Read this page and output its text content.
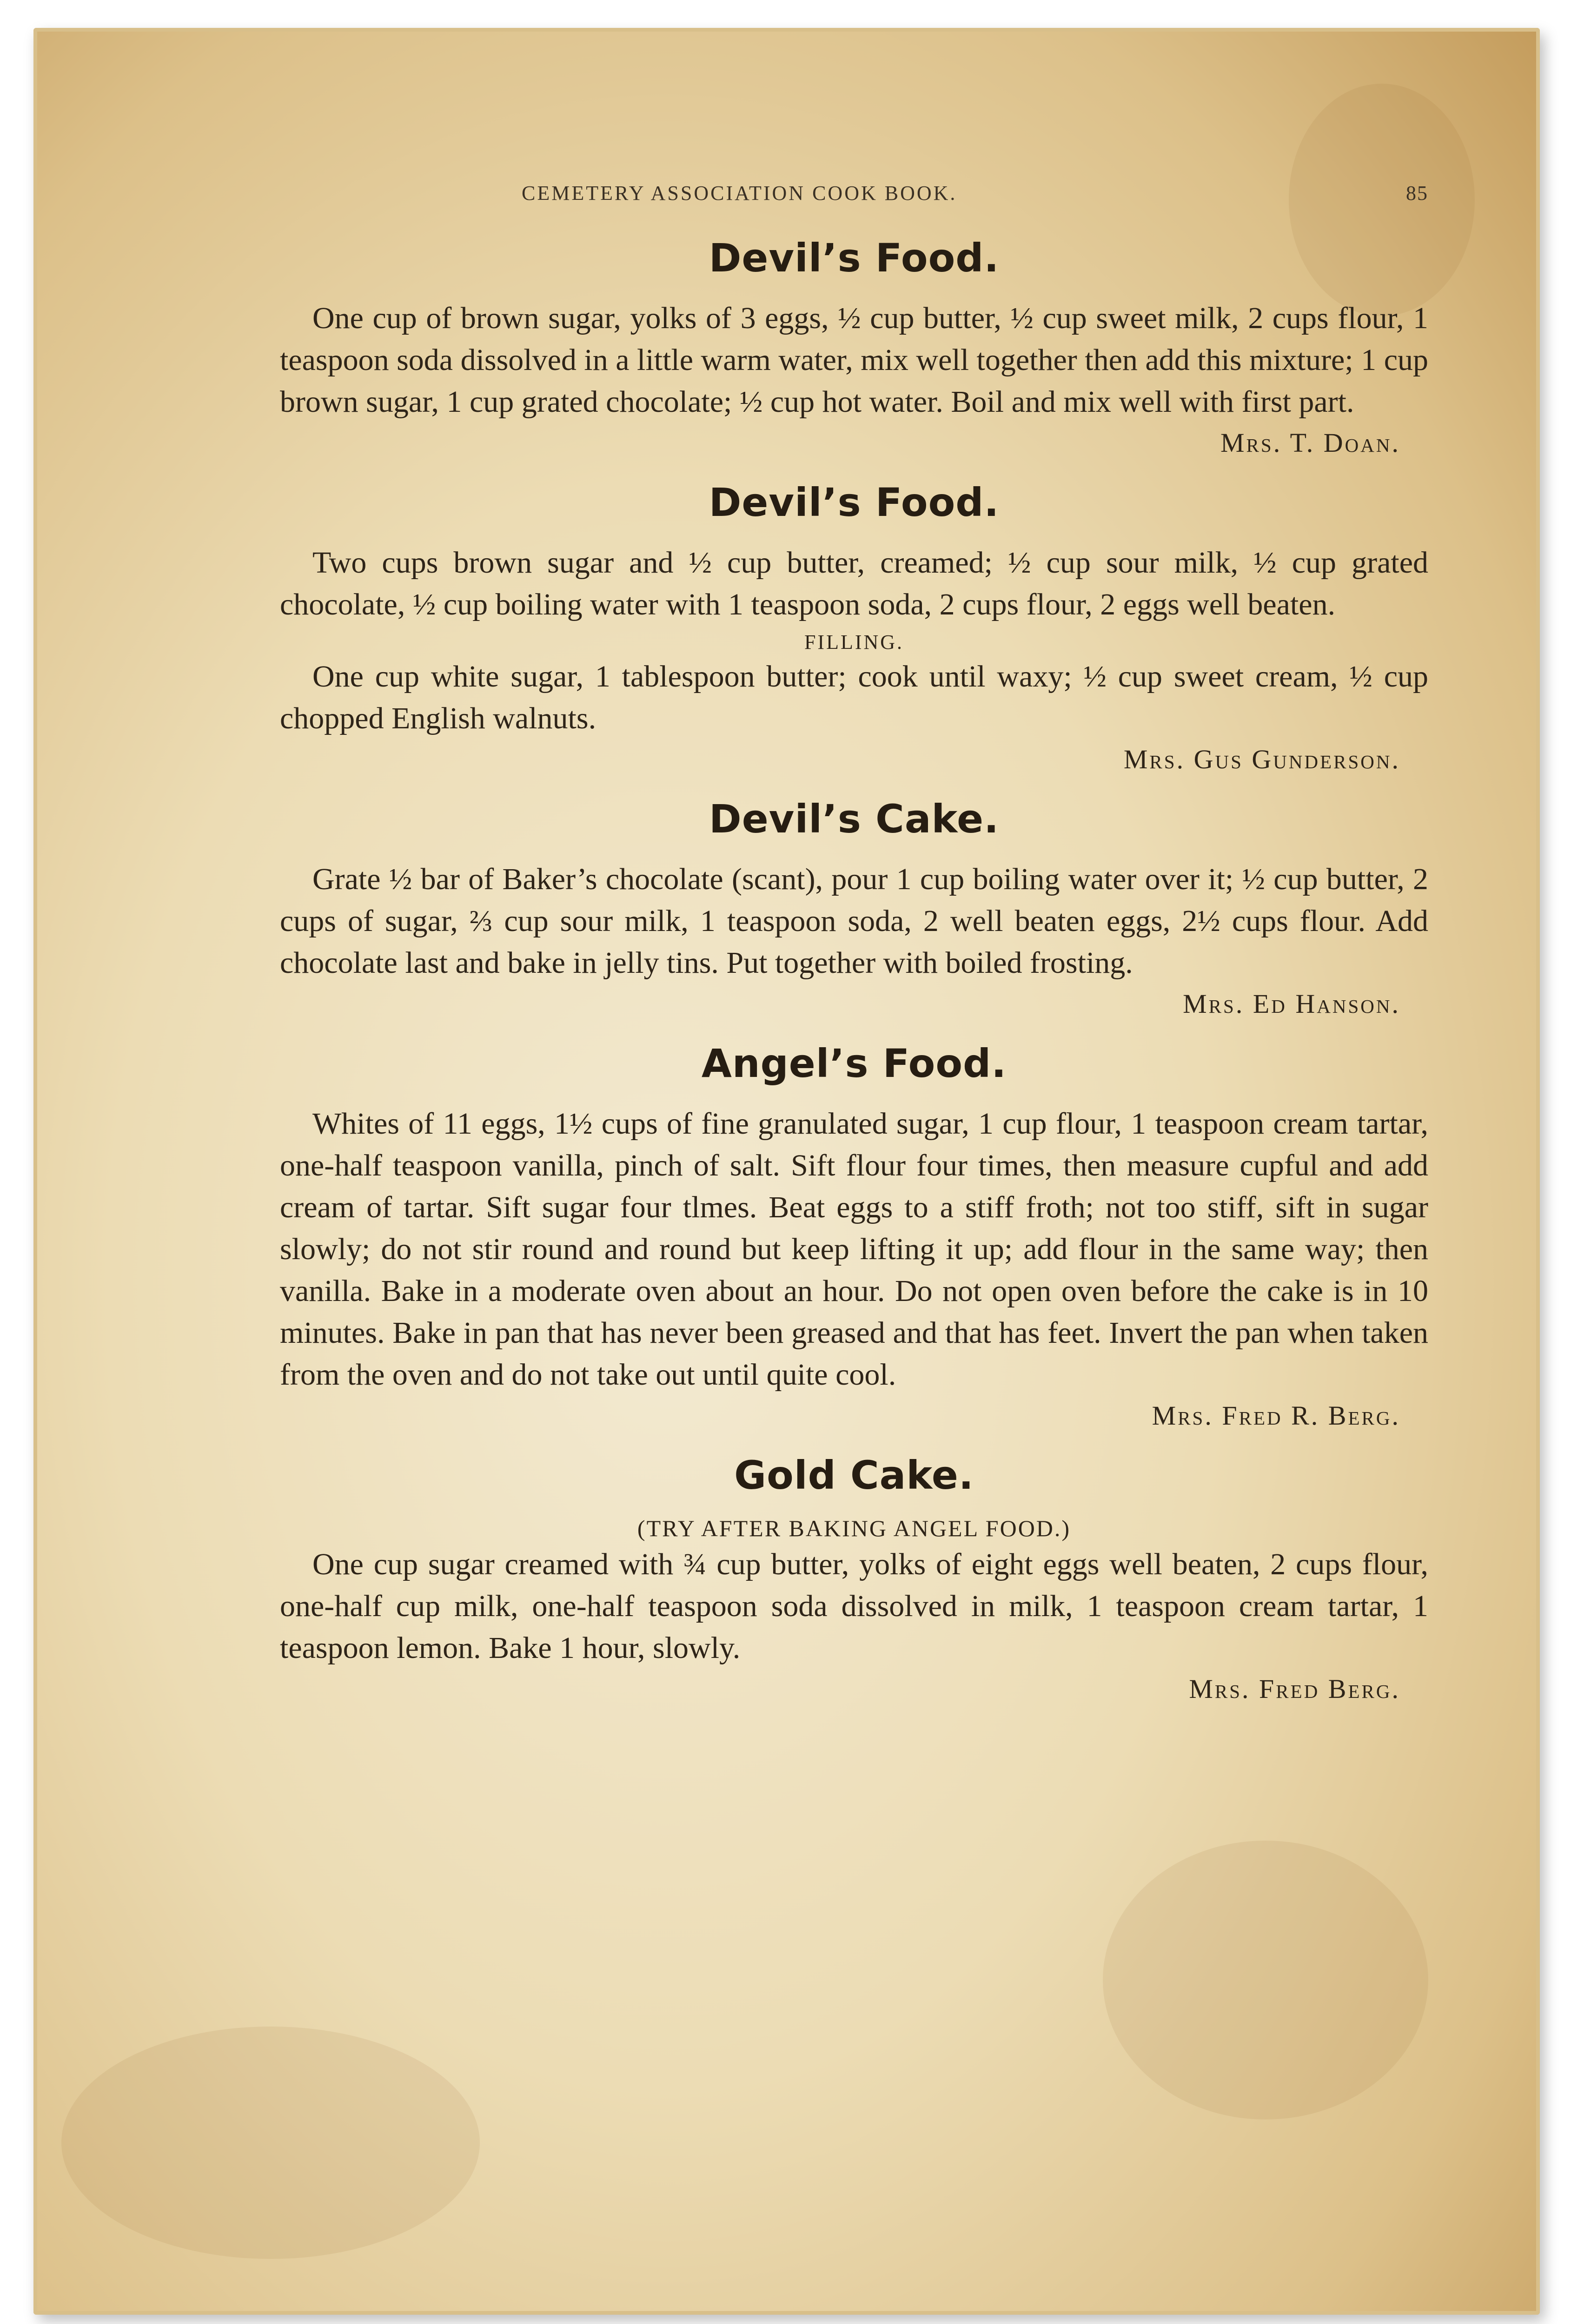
CEMETERY ASSOCIATION COOK BOOK.	85
Devil’s Food.

One cup of brown sugar, yolks of 3 eggs, ½ cup butter, ½ cup sweet milk, 2 cups flour, 1 teaspoon soda dissolved in a little warm water, mix well together then add this mixture; 1 cup brown sugar, 1 cup grated chocolate; ½ cup hot water. Boil and mix well with first part.

Mrs. T. Doan.

Devil’s Food.

Two cups brown sugar and ½ cup butter, creamed; ½ cup sour milk, ½ cup grated chocolate, ½ cup boiling water with 1 teaspoon soda, 2 cups flour, 2 eggs well beaten.

FILLING.

One cup white sugar, 1 tablespoon butter; cook until waxy; ½ cup sweet cream, ½ cup chopped English walnuts.

Mrs. Gus Gunderson.

Devil’s Cake.

Grate ½ bar of Baker’s chocolate (scant), pour 1 cup boiling water over it; ½ cup butter, 2 cups of sugar, ⅔ cup sour milk, 1 teaspoon soda, 2 well beaten eggs, 2½ cups flour. Add chocolate last and bake in jelly tins. Put together with boiled frosting.

Mrs. Ed Hanson.

Angel’s Food.

Whites of 11 eggs, 1½ cups of fine granulated sugar, 1 cup flour, 1 teaspoon cream tartar, one-half teaspoon vanilla, pinch of salt. Sift flour four times, then measure cupful and add cream of tartar. Sift sugar four tlmes. Beat eggs to a stiff froth; not too stiff, sift in sugar slowly; do not stir round and round but keep lifting it up; add flour in the same way; then vanilla. Bake in a moderate oven about an hour. Do not open oven before the cake is in 10 minutes. Bake in pan that has never been greased and that has feet. Invert the pan when taken from the oven and do not take out until quite cool.

Mrs. Fred R. Berg.

Gold Cake.

(TRY AFTER BAKING ANGEL FOOD.)

One cup sugar creamed with ¾ cup butter, yolks of eight eggs well beaten, 2 cups flour, one-half cup milk, one-half teaspoon soda dissolved in milk, 1 teaspoon cream tartar, 1 teaspoon lemon. Bake 1 hour, slowly.

Mrs. Fred Berg.
